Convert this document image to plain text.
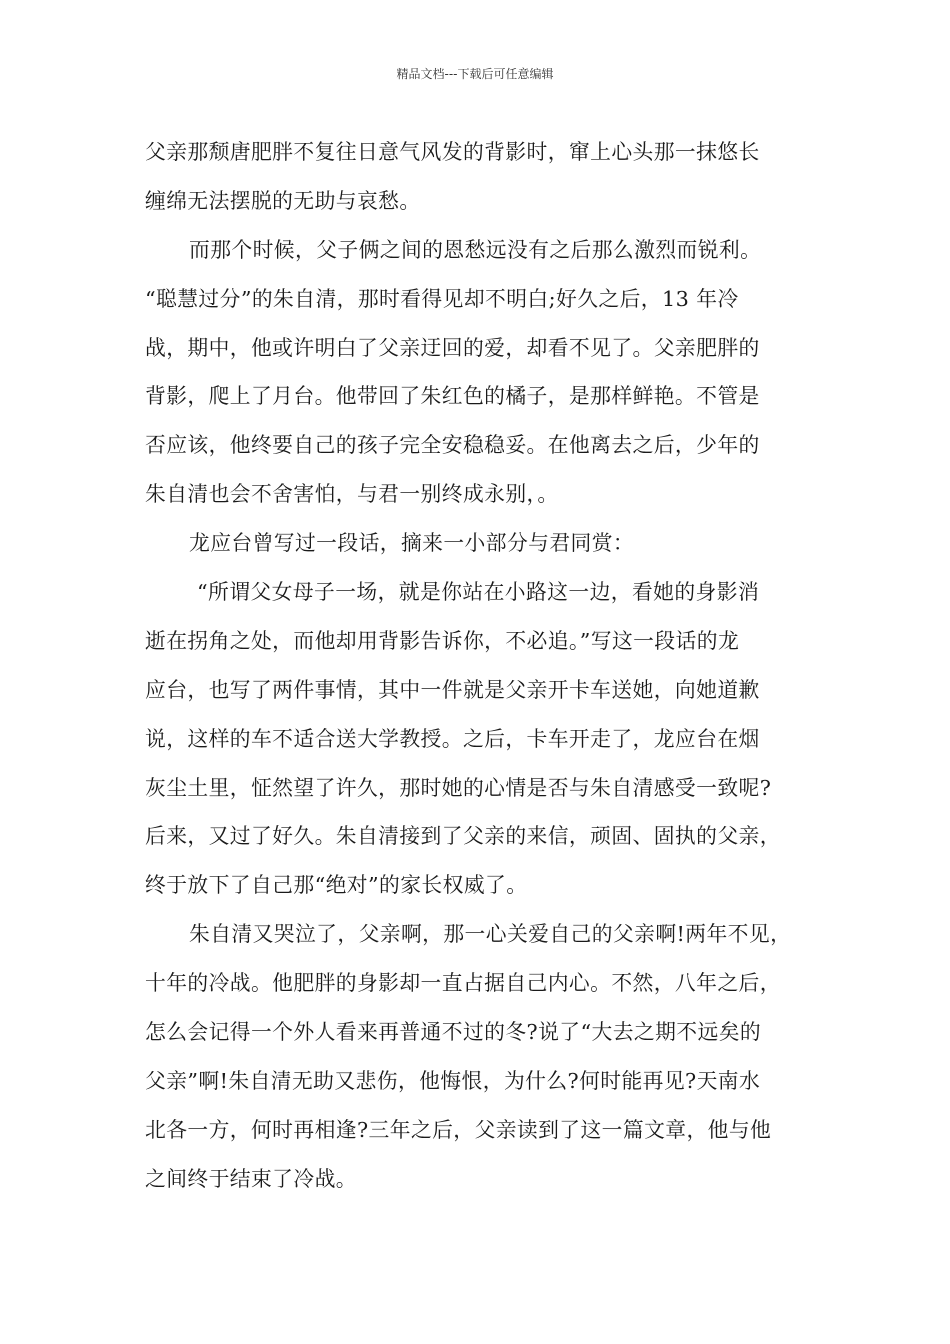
精品文档---下载后可任意编辑
父亲那颓唐肥胖不复往日意气风发的背影时，窜上心头那一抹悠长
缠绵无法摆脱的无助与哀愁。
而那个时候，父子俩之间的恩愁远没有之后那么激烈而锐利。
“聪慧过分”的朱自清，那时看得见却不明白;好久之后，13 年冷
战，期中，他或许明白了父亲迂回的爱，却看不见了。父亲肥胖的
背影，爬上了月台。他带回了朱红色的橘子，是那样鲜艳。不管是
否应该，他终要自己的孩子完全安稳稳妥。在他离去之后，少年的
朱自清也会不舍害怕，与君一别终成永别，。
龙应台曾写过一段话，摘来一小部分与君同赏：
“所谓父女母子一场，就是你站在小路这一边，看她的身影消
逝在拐角之处，而他却用背影告诉你，不必追。”写这一段话的龙
应台，也写了两件事情，其中一件就是父亲开卡车送她，向她道歉
说，这样的车不适合送大学教授。之后，卡车开走了，龙应台在烟
灰尘土里，怔然望了许久，那时她的心情是否与朱自清感受一致呢?
后来，又过了好久。朱自清接到了父亲的来信，顽固、固执的父亲，
终于放下了自己那“绝对”的家长权威了。
朱自清又哭泣了，父亲啊，那一心关爱自己的父亲啊!两年不见，
十年的冷战。他肥胖的身影却一直占据自己内心。不然，八年之后，
怎么会记得一个外人看来再普通不过的冬?说了“大去之期不远矣的
父亲”啊!朱自清无助又悲伤，他悔恨，为什么?何时能再见?天南水
北各一方，何时再相逢?三年之后，父亲读到了这一篇文章，他与他
之间终于结束了冷战。
